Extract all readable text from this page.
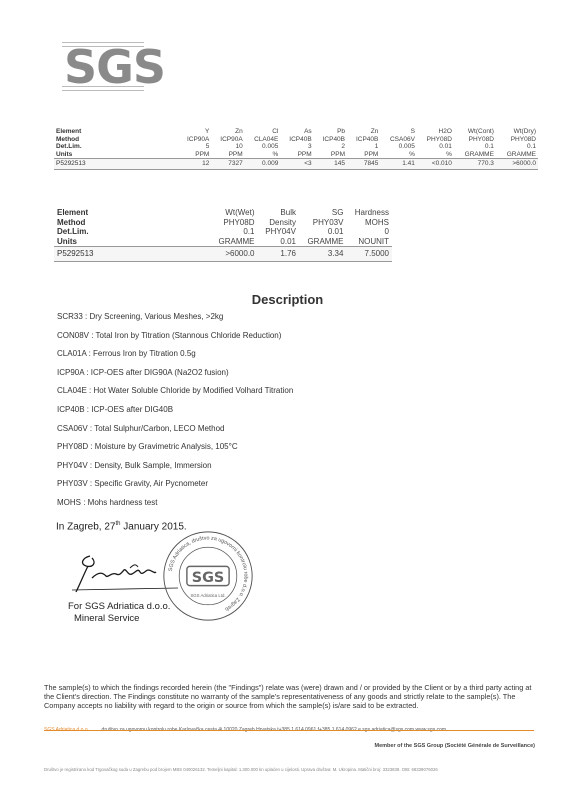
SGS
Element	Y	Zn	Cl	As	Pb	Zn	S	H2O	Wt(Cont)	Wt(Dry)
Method	ICP90A	ICP90A	CLA04E	ICP40B	ICP40B	ICP40B	CSA06V	PHY08D	PHY08D	PHY08D
Det.Lim.	5	10	0.005	3	2	1	0.005	0.01	0.1	0.1
Units	PPM	PPM	%	PPM	PPM	PPM	%	%	GRAMME	GRAMME
P5292513	12	7327	0.009	<3	145	7845	1.41	<0.010	770.3	>6000.0
Element	Wt(Wet)	Bulk	SG	Hardness
Method	PHY08D	Density	PHY03V	MOHS
Det.Lim.	0.1	PHY04V	0.01	0
Units	GRAMME	0.01	GRAMME	NOUNIT
P5292513	>6000.0	1.76	3.34	7.5000
Description
SCR33 : Dry Screening, Various Meshes, >2kg
CON08V : Total Iron by Titration (Stannous Chloride Reduction)
CLA01A : Ferrous Iron by Titration 0.5g
ICP90A : ICP-OES after DIG90A (Na2O2 fusion)
CLA04E : Hot Water Soluble Chloride by Modified Volhard Titration
ICP40B : ICP-OES after DIG40B
CSA06V : Total Sulphur/Carbon, LECO Method
PHY08D : Moisture by Gravimetric Analysis, 105°C
PHY04V : Density, Bulk Sample, Immersion
PHY03V : Specific Gravity, Air Pycnometer
MOHS : Mohs hardness test
In Zagreb, 27th January 2015.
SGS Adriatica, društvo za ugovorni kontrolu robe d.o.o. Zagreb
SGS
SGS Adriatica Ltd.
For SGS Adriatica d.o.o.
Mineral Service
The sample(s) to which the findings recorded herein (the "Findings") relate was (were) drawn and / or provided by the Client or by a third party acting at the Client's direction. The Findings constitute no warranty of the sample's representativeness of any goods and strictly relate to the sample(s). The Company accepts no liability with regard to the origin or source from which the sample(s) is/are said to be extracted.

Member of the SGS Group (Société Générale de Surveillance)
Društvo je registrirano kod Trgovačkog suda u Zagrebu pod brojem MBS 040026132. Temeljni kapital: 1.300.000 kn uplaćen u cijelosti. Uprava društva: M. Ukropina. Matični broj: 3323839. OIB: 68339076026
